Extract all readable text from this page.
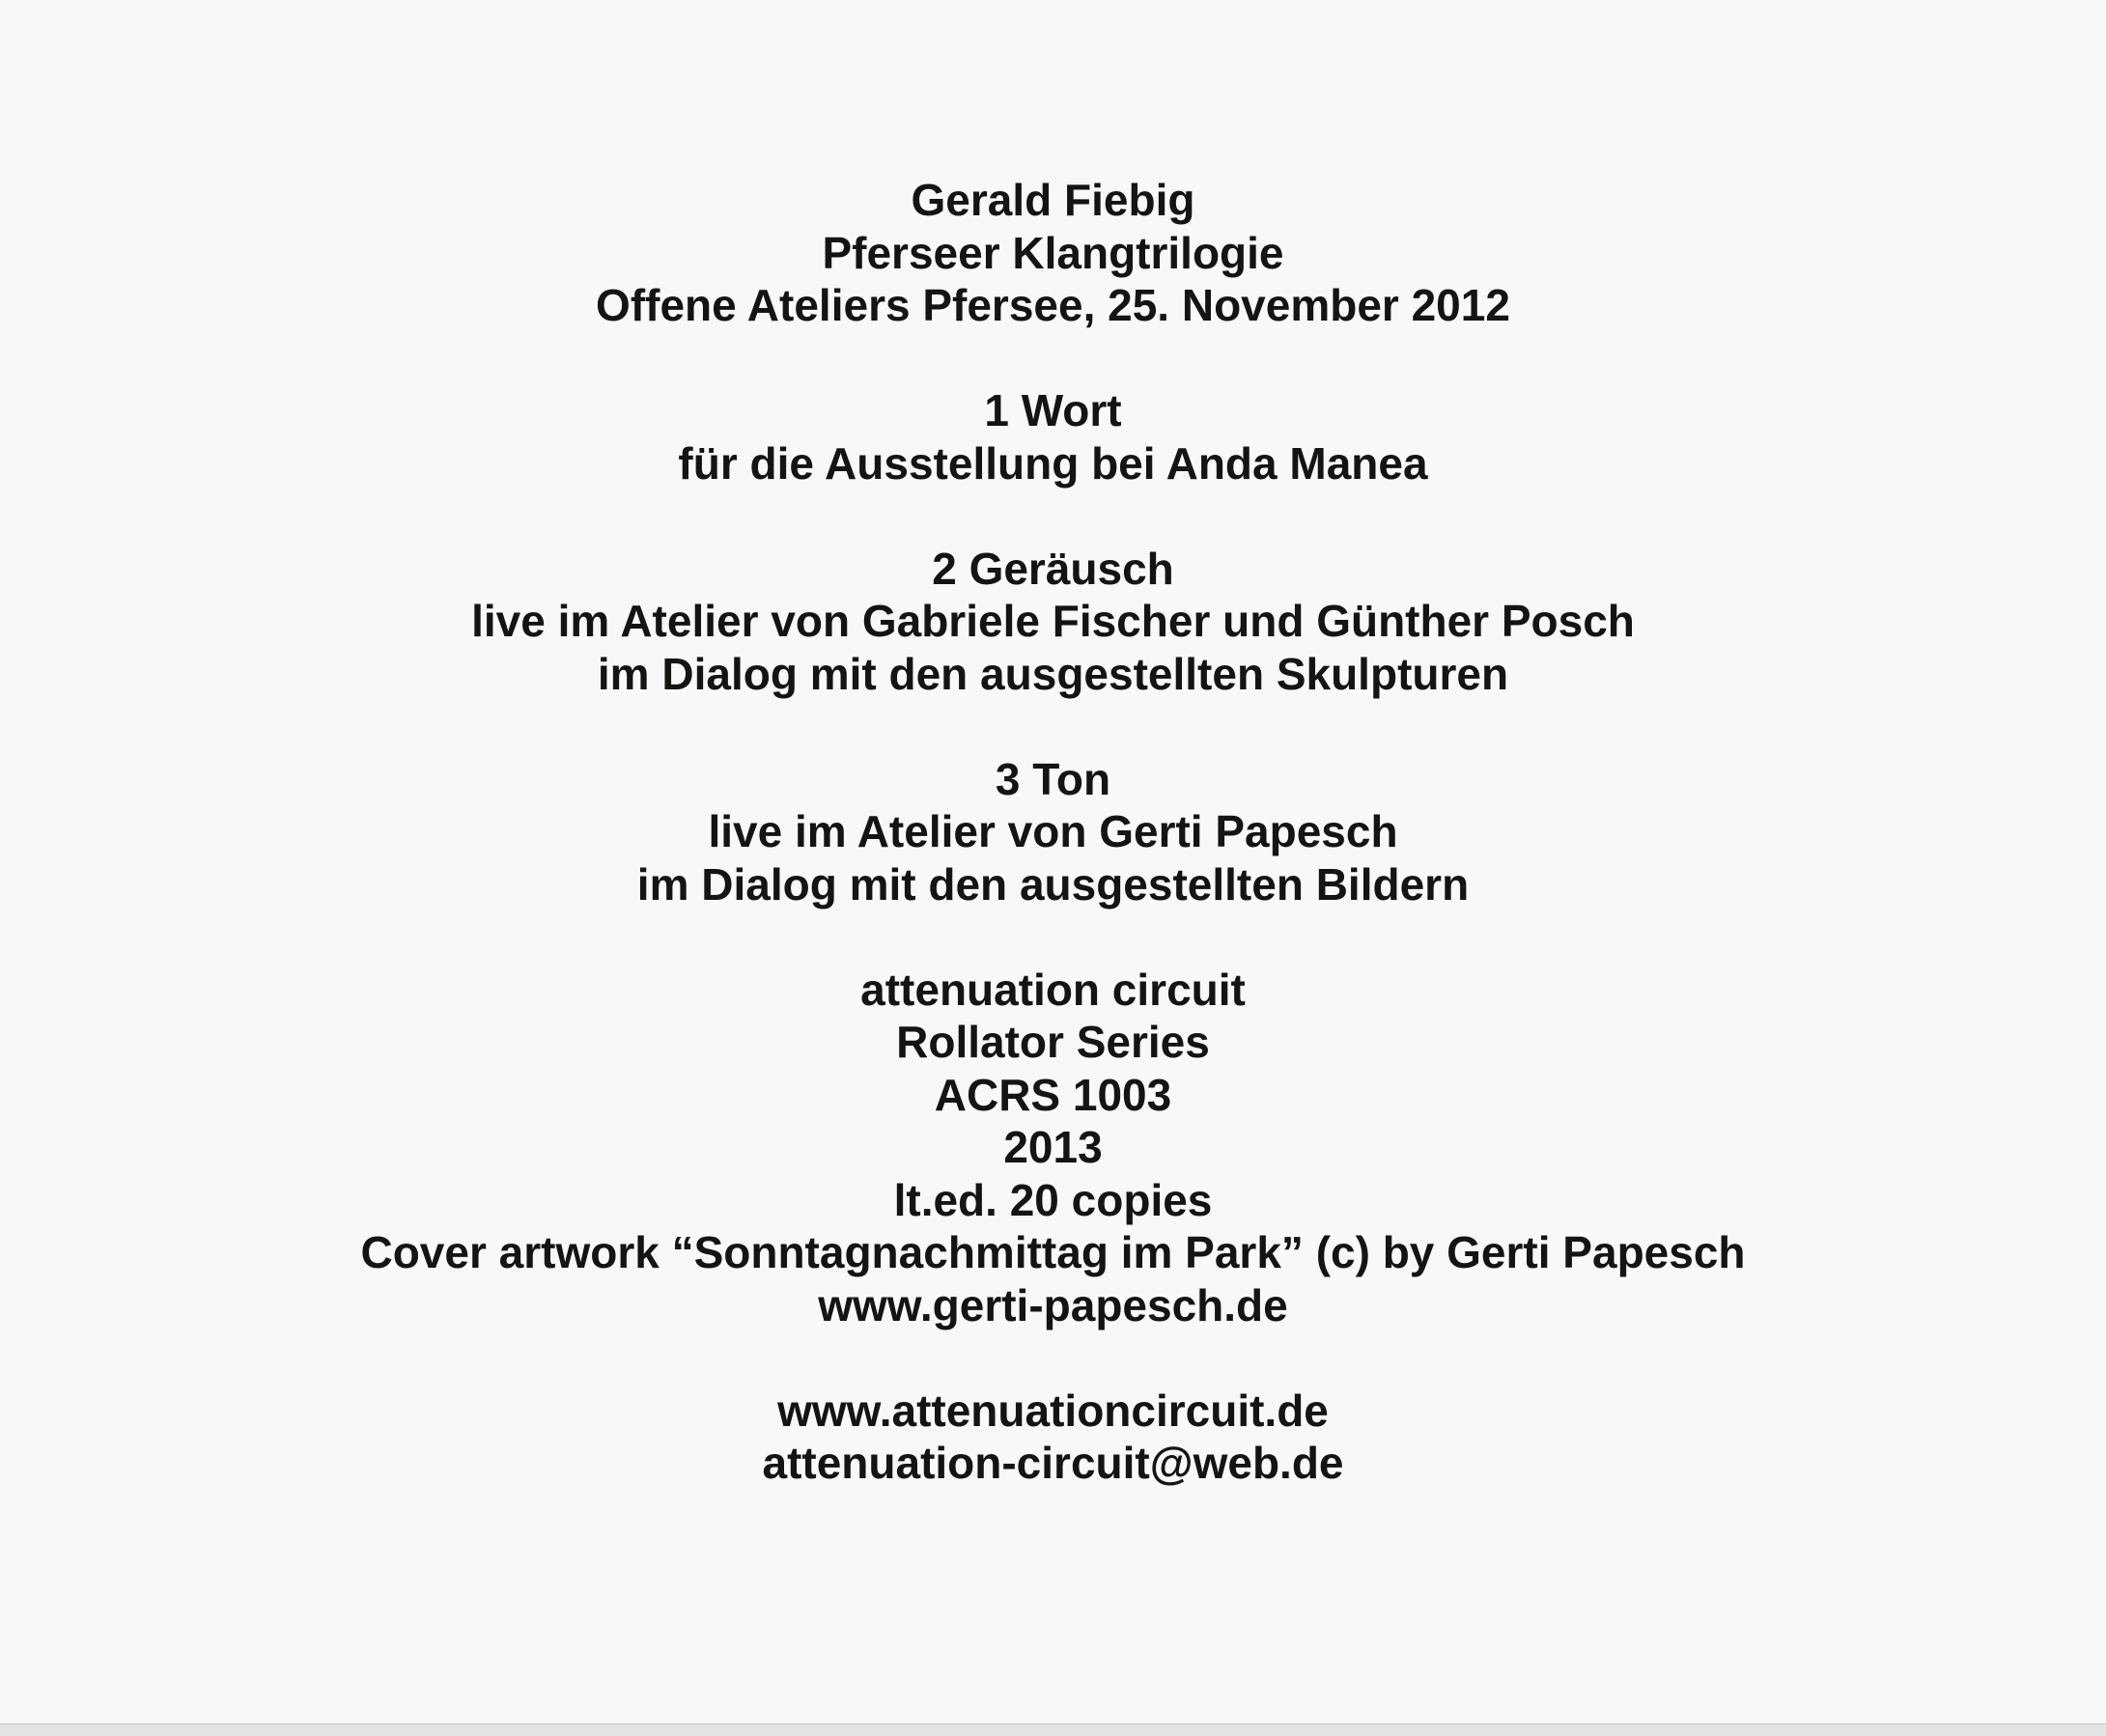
Gerald Fiebig
Pferseer Klangtrilogie
Offene Ateliers Pfersee, 25. November 2012
1 Wort
für die Ausstellung bei Anda Manea
2 Geräusch
live im Atelier von Gabriele Fischer und Günther Posch
im Dialog mit den ausgestellten Skulpturen
3 Ton
live im Atelier von Gerti Papesch
im Dialog mit den ausgestellten Bildern
attenuation circuit
Rollator Series
ACRS 1003
2013
lt.ed. 20 copies
Cover artwork “Sonntagnachmittag im Park” (c) by Gerti Papesch
www.gerti-papesch.de
www.attenuationcircuit.de
attenuation-circuit@web.de
